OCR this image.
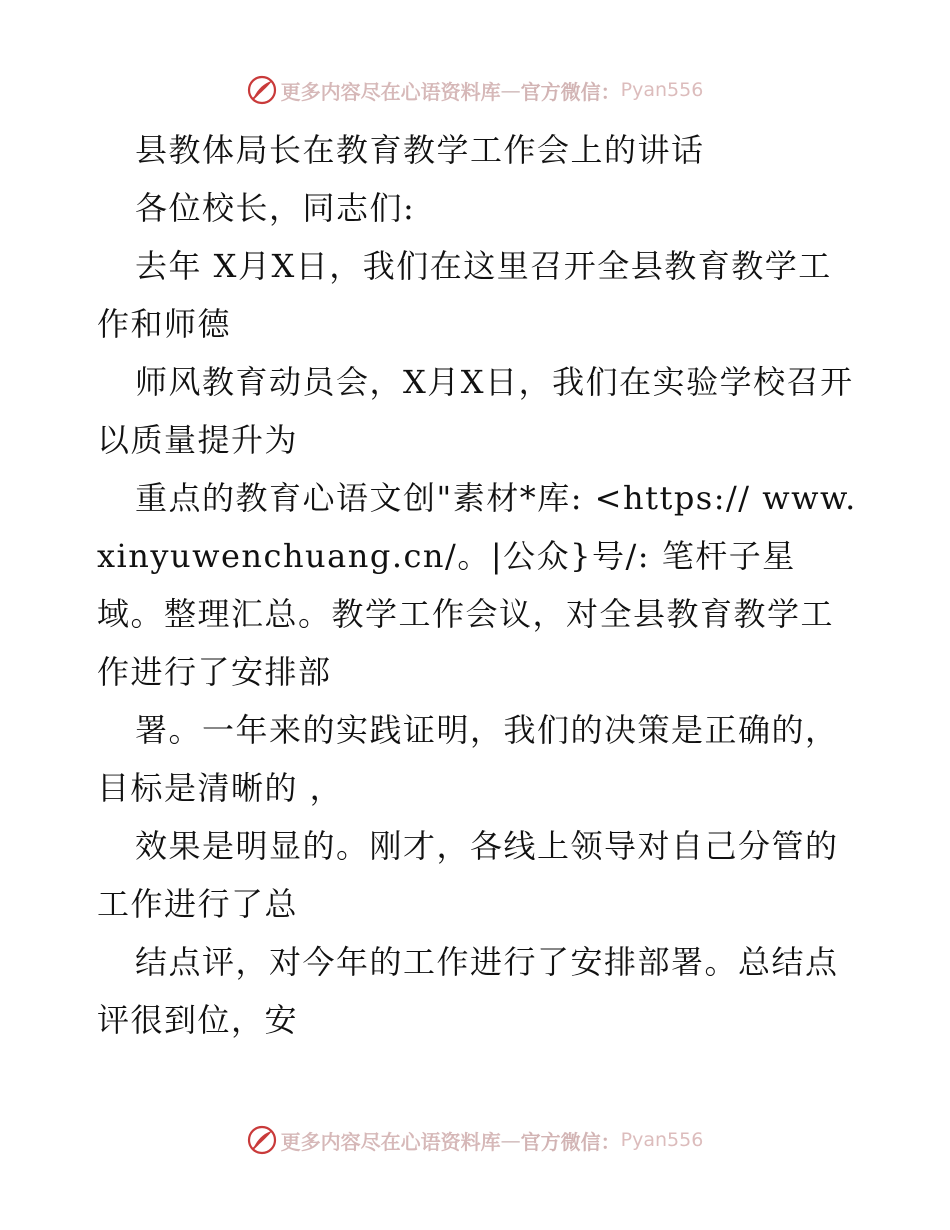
更多内容尽在心语资料库 — 官方微信： Pyan556

县教体局长在教育教学工作会上的讲话

各位校长，同志们:

去年 X月X日，我们在这里召开全县教育教学工作和师德

师风教育动员会，X月X日，我们在实验学校召开以质量提升为

重点的教育心语文创"素材*库: <https:// www.xinyuwenchuang.cn/。|公众}号/: 笔杆子星域。整理汇总。教学工作会议，对全县教育教学工作进行了安排部

署。一年来的实践证明，我们的决策是正确的，目标是清晰的 ，

效果是明显的。刚才，各线上领导对自己分管的工作进行了总

结点评，对今年的工作进行了安排部署。总结点评很到位，安

更多内容尽在心语资料库 — 官方微信： Pyan556
